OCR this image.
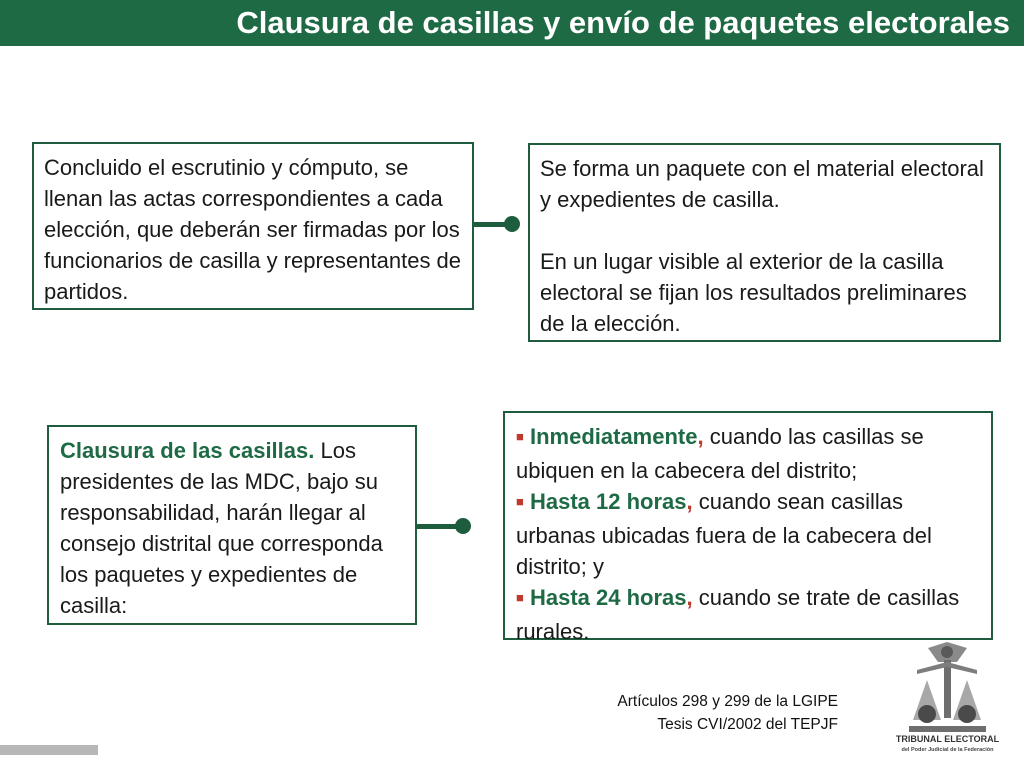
Clausura de casillas y envío de paquetes electorales

Concluido el escrutinio y cómputo, se llenan las actas correspondientes a cada elección, que deberán ser firmadas por los funcionarios de casilla y representantes de partidos.

Se forma un paquete con el material electoral y expedientes de casilla.

En un lugar visible al exterior de la casilla electoral se fijan los resultados preliminares de la elección.

Clausura de las casillas. Los presidentes de las MDC, bajo su responsabilidad, harán llegar al consejo distrital que corresponda los paquetes y expedientes de casilla:

■ Inmediatamente, cuando las casillas se ubiquen en la cabecera del distrito;

■ Hasta 12 horas, cuando sean casillas urbanas ubicadas fuera de la cabecera del distrito; y

■ Hasta 24 horas, cuando se trate de casillas rurales.

Artículos 298 y 299 de la LGIPE
Tesis CVI/2002 del TEPJF
TRIBUNAL ELECTORAL
del Poder Judicial de la Federación
